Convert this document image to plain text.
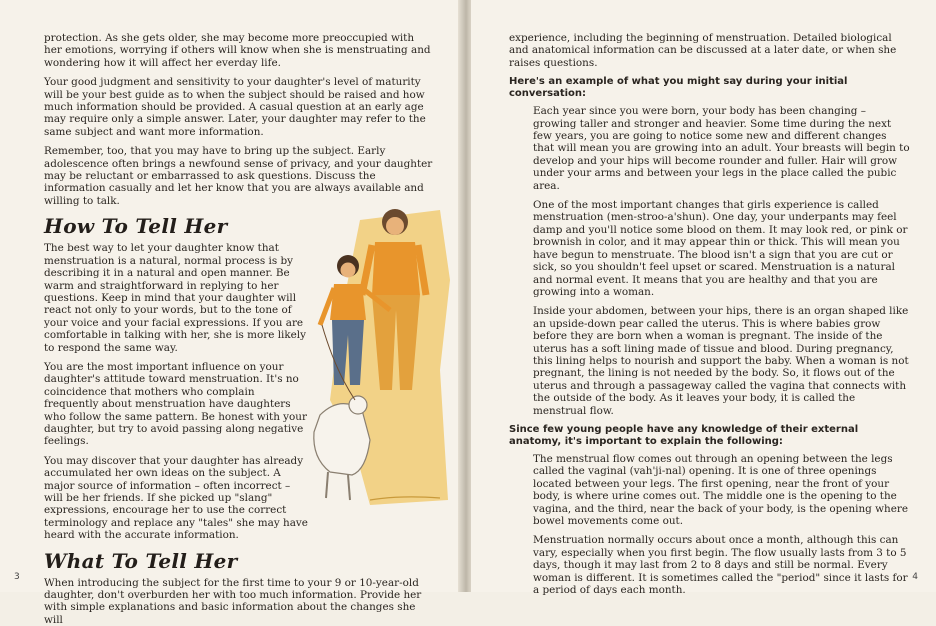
protection. As she gets older, she may become more preoccupied with her emotions, worrying if others will know when she is menstruating and wondering how it will affect her everday life.

Your good judgment and sensitivity to your daughter's level of maturity will be your best guide as to when the subject should be raised and how much information should be provided. A casual question at an early age may require only a simple answer. Later, your daughter may refer to the same subject and want more information.

Remember, too, that you may have to bring up the subject. Early adolescence often brings a newfound sense of privacy, and your daughter may be reluctant or embarrassed to ask questions. Discuss the information casually and let her know that you are always available and willing to talk.

How To Tell Her

The best way to let your daughter know that menstruation is a natural, normal process is by describing it in a natural and open manner. Be warm and straightforward in replying to her questions. Keep in mind that your daughter will react not only to your words, but to the tone of your voice and your facial expressions. If you are comfortable in talking with her, she is more likely to respond the same way.

You are the most important influence on your daughter's attitude toward menstruation. It's no coincidence that mothers who complain frequently about menstruation have daughters who follow the same pattern. Be honest with your daughter, but try to avoid passing along negative feelings.

You may discover that your daughter has already accumulated her own ideas on the subject. A major source of information – often incorrect – will be her friends. If she picked up "slang" expressions, encourage her to use the correct terminology and replace any "tales" she may have heard with the accurate information.

What To Tell Her

When introducing the subject for the first time to your 9 or 10-year-old daughter, don't overburden her with too much information. Provide her with simple explanations and basic information about the changes she will

3

experience, including the beginning of menstruation. Detailed biological and anatomical information can be discussed at a later date, or when she raises questions.

Here's an example of what you might say during your initial conversation:

Each year since you were born, your body has been changing – growing taller and stronger and heavier. Some time during the next few years, you are going to notice some new and different changes that will mean you are growing into an adult. Your breasts will begin to develop and your hips will become rounder and fuller. Hair will grow under your arms and between your legs in the place called the pubic area.

One of the most important changes that girls experience is called menstruation (men-stroo-a'shun). One day, your underpants may feel damp and you'll notice some blood on them. It may look red, or pink or brownish in color, and it may appear thin or thick. This will mean you have begun to menstruate. The blood isn't a sign that you are cut or sick, so you shouldn't feel upset or scared. Menstruation is a natural and normal event. It means that you are healthy and that you are growing into a woman.

Inside your abdomen, between your hips, there is an organ shaped like an upside-down pear called the uterus. This is where babies grow before they are born when a woman is pregnant. The inside of the uterus has a soft lining made of tissue and blood. During pregnancy, this lining helps to nourish and support the baby. When a woman is not pregnant, the lining is not needed by the body. So, it flows out of the uterus and through a passageway called the vagina that connects with the outside of the body. As it leaves your body, it is called the menstrual flow.

Since few young people have any knowledge of their external anatomy, it's important to explain the following:

The menstrual flow comes out through an opening between the legs called the vaginal (vah'ji-nal) opening. It is one of three openings located between your legs. The first opening, near the front of your body, is where urine comes out. The middle one is the opening to the vagina, and the third, near the back of your body, is the opening where bowel movements come out.

Menstruation normally occurs about once a month, although this can vary, especially when you first begin. The flow usually lasts from 3 to 5 days, though it may last from 2 to 8 days and still be normal. Every woman is different. It is sometimes called the "period" since it lasts for a period of days each month.

4
